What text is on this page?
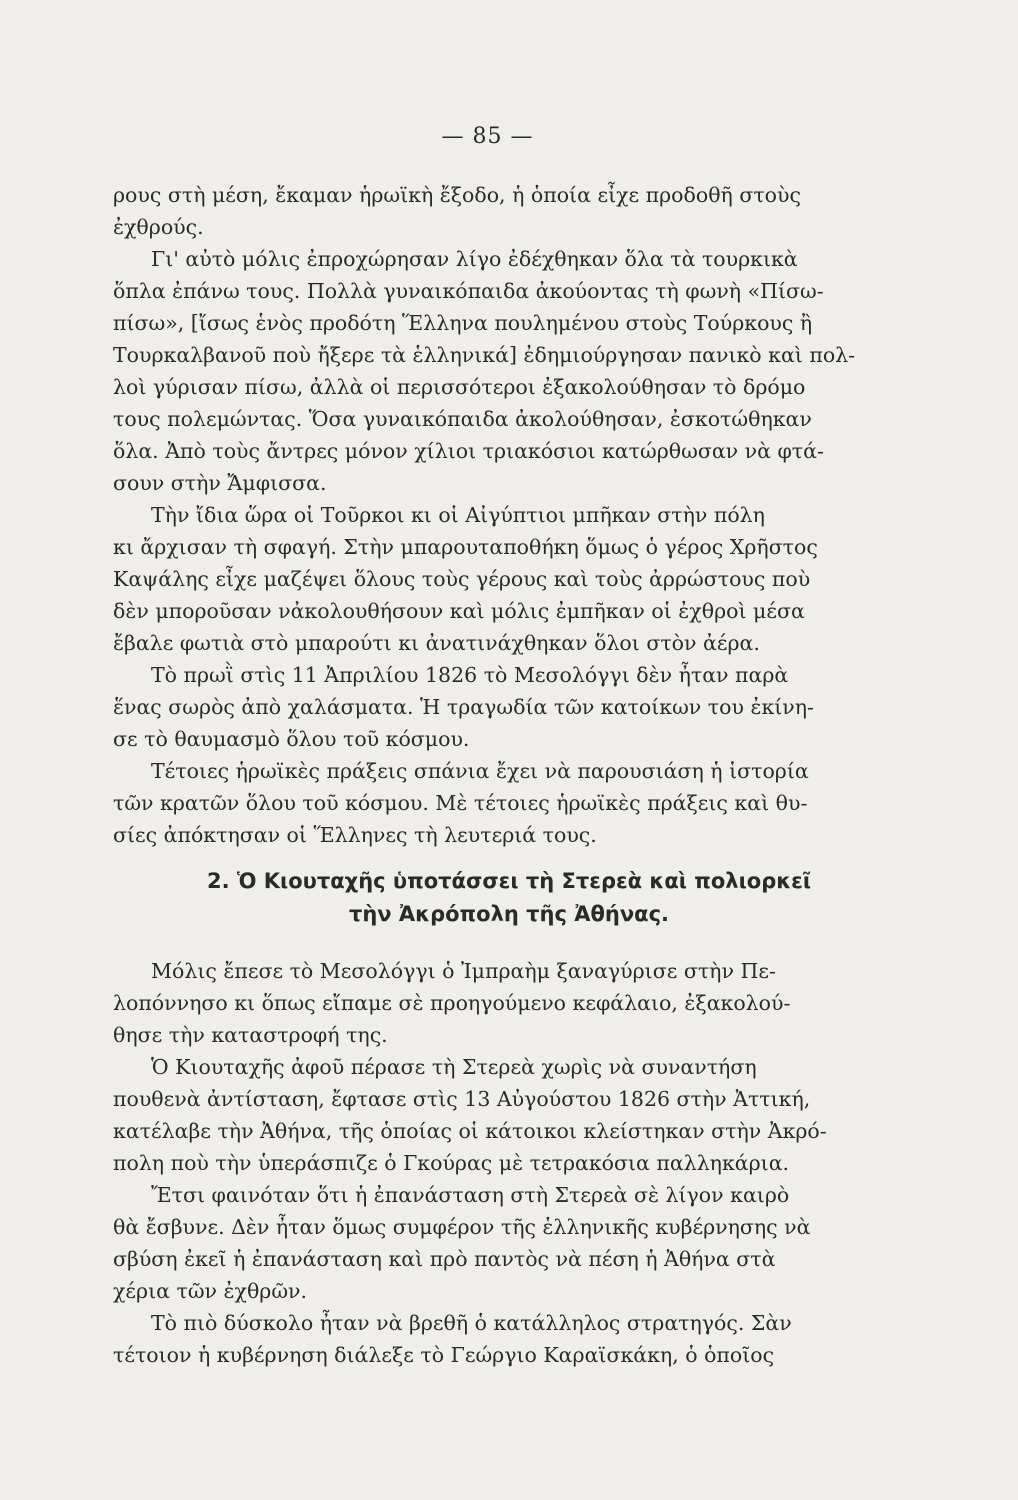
— 85 —
ρους στὴ μέση, ἔκαμαν ἡρωϊκὴ ἔξοδο, ἡ ὁποία εἶχε προδοθῆ στοὺς
ἐχθρούς.
Γι' αὐτὸ μόλις ἐπροχώρησαν λίγο ἐδέχθηκαν ὅλα τὰ τουρκικὰ
ὅπλα ἐπάνω τους. Πολλὰ γυναικόπαιδα ἀκούοντας τὴ φωνὴ «Πίσω-
πίσω», [ἴσως ἑνὸς προδότη Ἕλληνα πουλημένου στοὺς Τούρκους ἢ
Τουρκαλβανοῦ ποὺ ἤξερε τὰ ἑλληνικά] ἐδημιούργησαν πανικὸ καὶ πολ-
λοὶ γύρισαν πίσω, ἀλλὰ οἱ περισσότεροι ἐξακολούθησαν τὸ δρόμο
τους πολεμώντας. Ὅσα γυναικόπαιδα ἀκολούθησαν, ἐσκοτώθηκαν
ὅλα. Ἀπὸ τοὺς ἄντρες μόνον χίλιοι τριακόσιοι κατώρθωσαν νὰ φτά-
σουν στὴν Ἄμφισσα.
Τὴν ἴδια ὥρα οἱ Τοῦρκοι κι οἱ Αἰγύπτιοι μπῆκαν στὴν πόλη
κι ἄρχισαν τὴ σφαγή. Στὴν μπαρουταποθήκη ὅμως ὁ γέρος Χρῆστος
Καψάλης εἶχε μαζέψει ὅλους τοὺς γέρους καὶ τοὺς ἀρρώστους ποὺ
δὲν μποροῦσαν νἀκολουθήσουν καὶ μόλις ἐμπῆκαν οἱ ἐχθροὶ μέσα
ἔβαλε φωτιὰ στὸ μπαρούτι κι ἀνατινάχθηκαν ὅλοι στὸν ἀέρα.
Τὸ πρωῒ στὶς 11 Ἀπριλίου 1826 τὸ Μεσολόγγι δὲν ἦταν παρὰ
ἕνας σωρὸς ἀπὸ χαλάσματα. Ἡ τραγωδία τῶν κατοίκων του ἐκίνη-
σε τὸ θαυμασμὸ ὅλου τοῦ κόσμου.
Τέτοιες ἡρωϊκὲς πράξεις σπάνια ἔχει νὰ παρουσιάση ἡ ἱστορία
τῶν κρατῶν ὅλου τοῦ κόσμου. Μὲ τέτοιες ἡρωϊκὲς πράξεις καὶ θυ-
σίες ἀπόκτησαν οἱ Ἕλληνες τὴ λευτεριά τους.
2. Ὁ Κιουταχῆς ὑποτάσσει τὴ Στερεὰ καὶ πολιορκεῖ
τὴν Ἀκρόπολη τῆς Ἀθήνας.
Μόλις ἔπεσε τὸ Μεσολόγγι ὁ Ἰμπραὴμ ξαναγύρισε στὴν Πε-
λοπόννησο κι ὅπως εἴπαμε σὲ προηγούμενο κεφάλαιο, ἐξακολού-
θησε τὴν καταστροφή της.
Ὁ Κιουταχῆς ἀφοῦ πέρασε τὴ Στερεὰ χωρὶς νὰ συναντήση
πουθενὰ ἀντίσταση, ἔφτασε στὶς 13 Αὐγούστου 1826 στὴν Ἀττική,
κατέλαβε τὴν Ἀθήνα, τῆς ὁποίας οἱ κάτοικοι κλείστηκαν στὴν Ἀκρό-
πολη ποὺ τὴν ὑπεράσπιζε ὁ Γκούρας μὲ τετρακόσια παλληκάρια.
Ἔτσι φαινόταν ὅτι ἡ ἐπανάσταση στὴ Στερεὰ σὲ λίγον καιρὸ
θὰ ἔσβυνε. Δὲν ἦταν ὅμως συμφέρον τῆς ἑλληνικῆς κυβέρνησης νὰ
σβύση ἐκεῖ ἡ ἐπανάσταση καὶ πρὸ παντὸς νὰ πέση ἡ Ἀθήνα στὰ
χέρια τῶν ἐχθρῶν.
Τὸ πιὸ δύσκολο ἦταν νὰ βρεθῆ ὁ κατάλληλος στρατηγός. Σὰν
τέτοιον ἡ κυβέρνηση διάλεξε τὸ Γεώργιο Καραϊσκάκη, ὁ ὁποῖος
